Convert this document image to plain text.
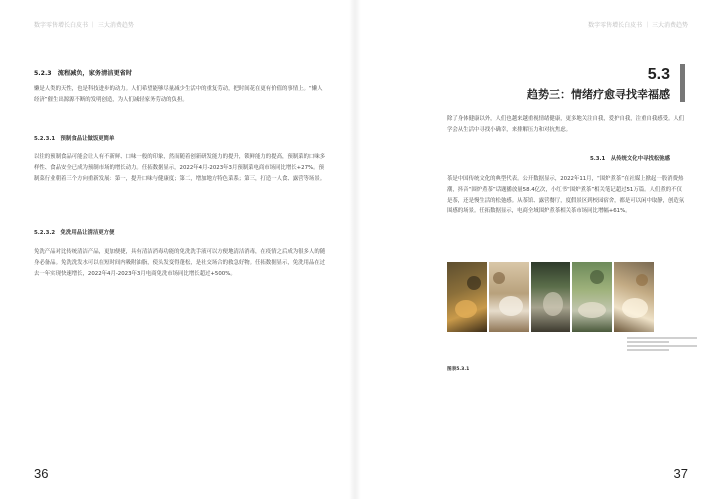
数字零售增长白皮书 ｜ 三大消费趋势
5.2.3　流程减负，家务清洁更省时

懒是人类的天性，也是科技进步的动力。人们希望能够尽量减少生活中的重复劳动，把时间花在更有价值的事情上。“懒人经济”催生出源源不断的发明创造，为人们减轻家务劳动的负担。

5.2.3.1　预制食品让做饭更简单

以往的预制食品可能会让人有不新鲜、口味一般的印象，然而随着创新研发能力的提升，锁鲜能力的提高，预制菜的口味多样性、食品安全已成为预制市场的增长动力。任拓数据显示，2022年4月-2023年3月预制菜电商市场同比增长+27%。预制菜行业朝着三个方向重新发展：第一，提升口味与健康度；第二，增加地方特色菜系；第三，打造一人食、露营等场景。

5.2.3.2　免洗用品让清洁更方便

免洗产品对比传统清洁产品，更加便捷，具有清洁消毒功能的免洗洗手液可以方便地清洁消毒，在疫情之后成为很多人的随身必备品。免洗洗发水可以在短时间内吸附油脂，使头发变得蓬松，是社交场合的救急好物。任拓数据显示，免洗用品在过去一年实现快速增长，2022年4月-2023年3月电商免洗市场同比增长超过+500%。

36
数字零售增长白皮书 ｜ 三大消费趋势
5.3
趋势三：情绪疗愈寻找幸福感

除了身体健康以外，人们也越来越重视情绪健康，更多地关注自我，爱护自我，注重自我感受。人们学会从生活中寻找小确幸，来排解压力和对抗焦虑。

5.3.1　从传统文化中寻找松弛感

茶是中国传统文化的典型代表。公开数据显示，2022年11月，“围炉煮茶”在社媒上掀起一股消费热潮，抖音“围炉煮茶”话题播放量58.4亿次，小红书“围炉煮茶”相关笔记超过51万篇。人们煮的不仅是茶，还是慢生活的松弛感。从茶馆、露营餐厅，度假景区到校园宿舍，都是可以闲中取静，创造氛围感的场景。任拓数据显示，电商全域围炉煮茶相关茶市场同比增幅+61%。

图表5.3.1
37
